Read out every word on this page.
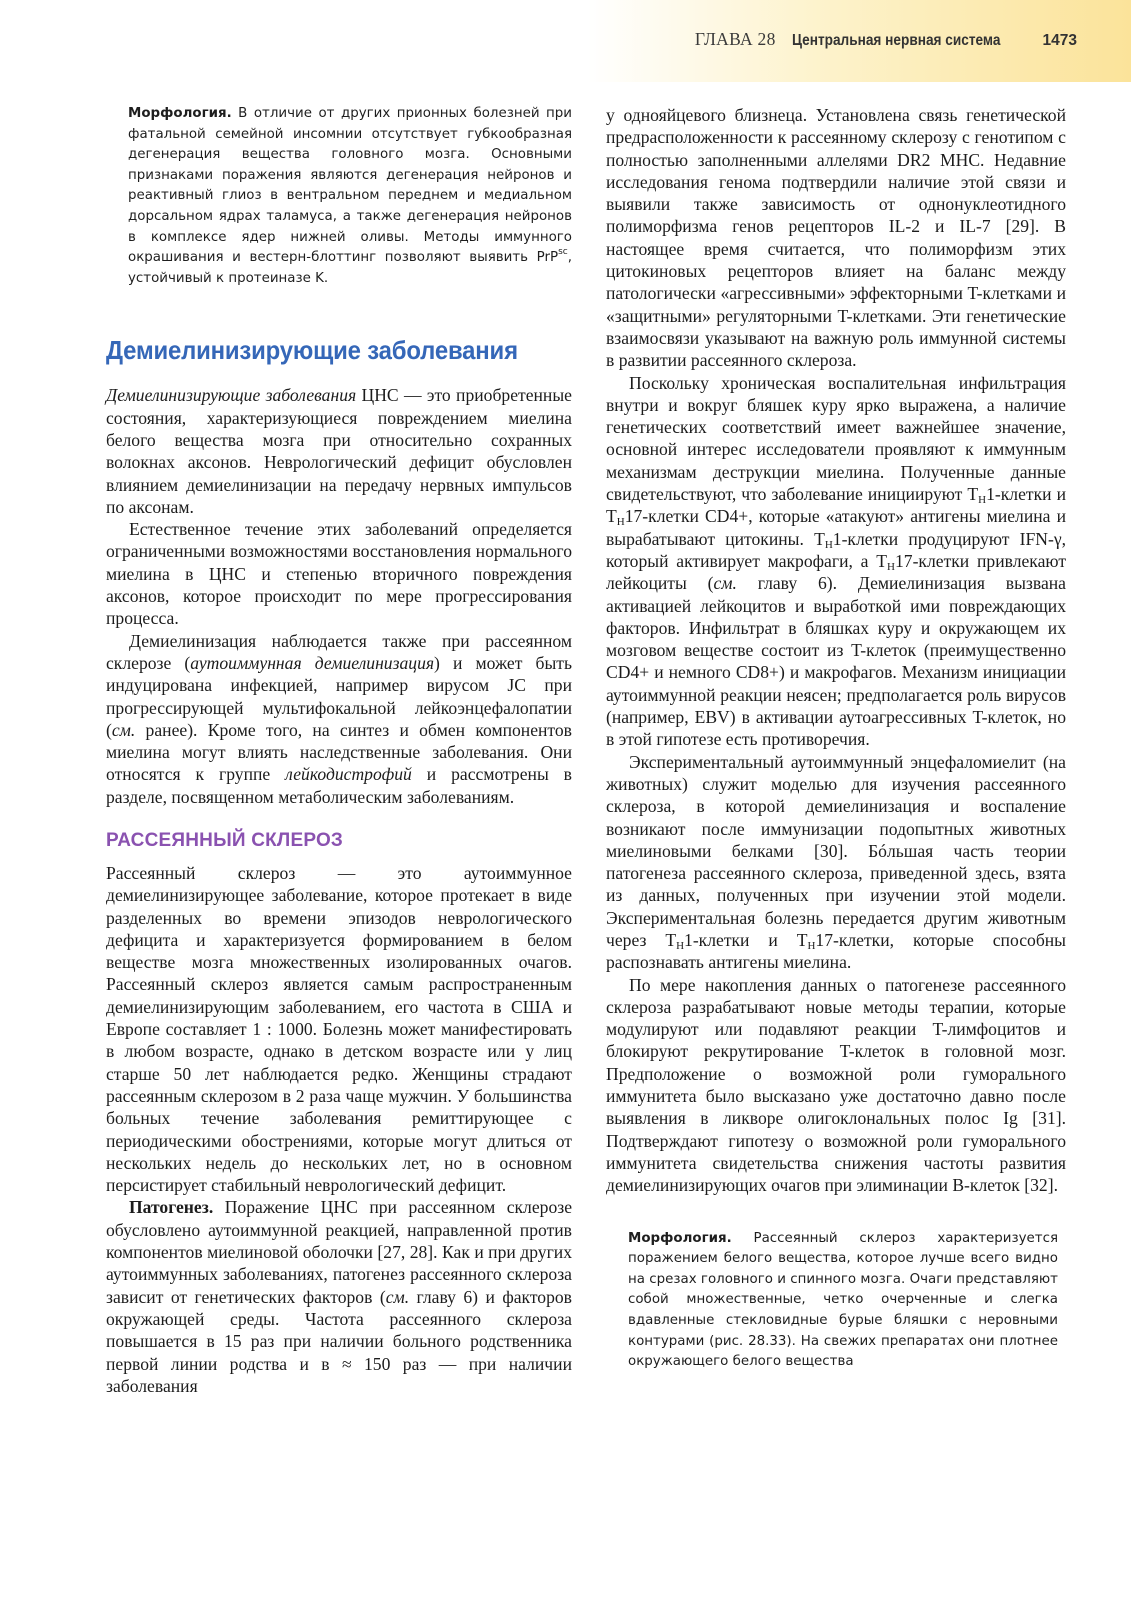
ГЛАВА 28 Центральная нервная система	1473
Морфология. В отличие от других прионных болезней при фатальной семейной инсомнии отсутствует губкообразная дегенерация вещества головного мозга. Основными признаками поражения являются дегенерация нейронов и реактивный глиоз в вентральном переднем и медиальном дорсальном ядрах таламуса, а также дегенерация нейронов в комплексе ядер нижней оливы. Методы иммунного окрашивания и вестерн-блоттинг позволяют выявить PrP$^{sc}$, устойчивый к протеиназе K.
Демиелинизирующие заболевания

Демиелинизирующие заболевания ЦНС — это приобретенные состояния, характеризующиеся повреждением миелина белого вещества мозга при относительно сохранных волокнах аксонов. Неврологический дефицит обусловлен влиянием демиелинизации на передачу нервных импульсов по аксонам.

Естественное течение этих заболеваний определяется ограниченными возможностями восстановления нормального миелина в ЦНС и степенью вторичного повреждения аксонов, которое происходит по мере прогрессирования процесса.

Демиелинизация наблюдается также при рассеянном склерозе (аутоиммунная демиелинизация) и может быть индуцирована инфекцией, например вирусом JC при прогрессирующей мультифокальной лейкоэнцефалопатии (см. ранее). Кроме того, на синтез и обмен компонентов миелина могут влиять наследственные заболевания. Они относятся к группе лейкодистрофий и рассмотрены в разделе, посвященном метаболическим заболеваниям.

РАССЕЯННЫЙ СКЛЕРОЗ

Рассеянный склероз — это аутоиммунное демиелинизирующее заболевание, которое протекает в виде разделенных во времени эпизодов неврологического дефицита и характеризуется формированием в белом веществе мозга множественных изолированных очагов. Рассеянный склероз является самым распространенным демиелинизирующим заболеванием, его частота в США и Европе составляет 1 : 1000. Болезнь может манифестировать в любом возрасте, однако в детском возрасте или у лиц старше 50 лет наблюдается редко. Женщины страдают рассеянным склерозом в 2 раза чаще мужчин. У большинства больных течение заболевания ремиттирующее с периодическими обострениями, которые могут длиться от нескольких недель до нескольких лет, но в основном персистирует стабильный неврологический дефицит.

Патогенез. Поражение ЦНС при рассеянном склерозе обусловлено аутоиммунной реакцией, направленной против компонентов миелиновой оболочки [27, 28]. Как и при других аутоиммунных заболеваниях, патогенез рассеянного склероза зависит от генетических факторов (см. главу 6) и факторов окружающей среды. Частота рассеянного склероза повышается в 15 раз при наличии больного родственника первой линии родства и в ≈ 150 раз — при наличии заболевания

у однояйцевого близнеца. Установлена связь генетической предрасположенности к рассеянному склерозу с генотипом с полностью заполненными аллелями DR2 MHC. Недавние исследования генома подтвердили наличие этой связи и выявили также зависимость от однонуклеотидного полиморфизма генов рецепторов IL-2 и IL-7 [29]. В настоящее время считается, что полиморфизм этих цитокиновых рецепторов влияет на баланс между патологически «агрессивными» эффекторными T-клетками и «защитными» регуляторными T-клетками. Эти генетические взаимосвязи указывают на важную роль иммунной системы в развитии рассеянного склероза.

Поскольку хроническая воспалительная инфильтрация внутри и вокруг бляшек куру ярко выражена, а наличие генетических соответствий имеет важнейшее значение, основной интерес исследователи проявляют к иммунным механизмам деструкции миелина. Полученные данные свидетельствуют, что заболевание инициируют $T_H1$-клетки и $T_H17$-клетки CD4+, которые «атакуют» антигены миелина и вырабатывают цитокины. $T_H1$-клетки продуцируют IFN-γ, который активирует макрофаги, а $T_H17$-клетки привлекают лейкоциты (см. главу 6). Демиелинизация вызвана активацией лейкоцитов и выработкой ими повреждающих факторов. Инфильтрат в бляшках куру и окружающем их мозговом веществе состоит из T-клеток (преимущественно CD4+ и немного CD8+) и макрофагов. Механизм инициации аутоиммунной реакции неясен; предполагается роль вирусов (например, EBV) в активации аутоагрессивных T-клеток, но в этой гипотезе есть противоречия.

Экспериментальный аутоиммунный энцефаломиелит (на животных) служит моделью для изучения рассеянного склероза, в которой демиелинизация и воспаление возникают после иммунизации подопытных животных миелиновыми белками [30]. Бóльшая часть теории патогенеза рассеянного склероза, приведенной здесь, взята из данных, полученных при изучении этой модели. Экспериментальная болезнь передается другим животным через $T_H1$-клетки и $T_H17$-клетки, которые способны распознавать антигены миелина.

По мере накопления данных о патогенезе рассеянного склероза разрабатывают новые методы терапии, которые модулируют или подавляют реакции T-лимфоцитов и блокируют рекрутирование T-клеток в головной мозг. Предположение о возможной роли гуморального иммунитета было высказано уже достаточно давно после выявления в ликворе олигоклональных полос Ig [31]. Подтверждают гипотезу о возможной роли гуморального иммунитета свидетельства снижения частоты развития демиелинизирующих очагов при элиминации B-клеток [32].

Морфология. Рассеянный склероз характеризуется поражением белого вещества, которое лучше всего видно на срезах головного и спинного мозга. Очаги представляют собой множественные, четко очерченные и слегка вдавленные стекловидные бурые бляшки с неровными контурами (рис. 28.33). На свежих препаратах они плотнее окружающего белого вещества
